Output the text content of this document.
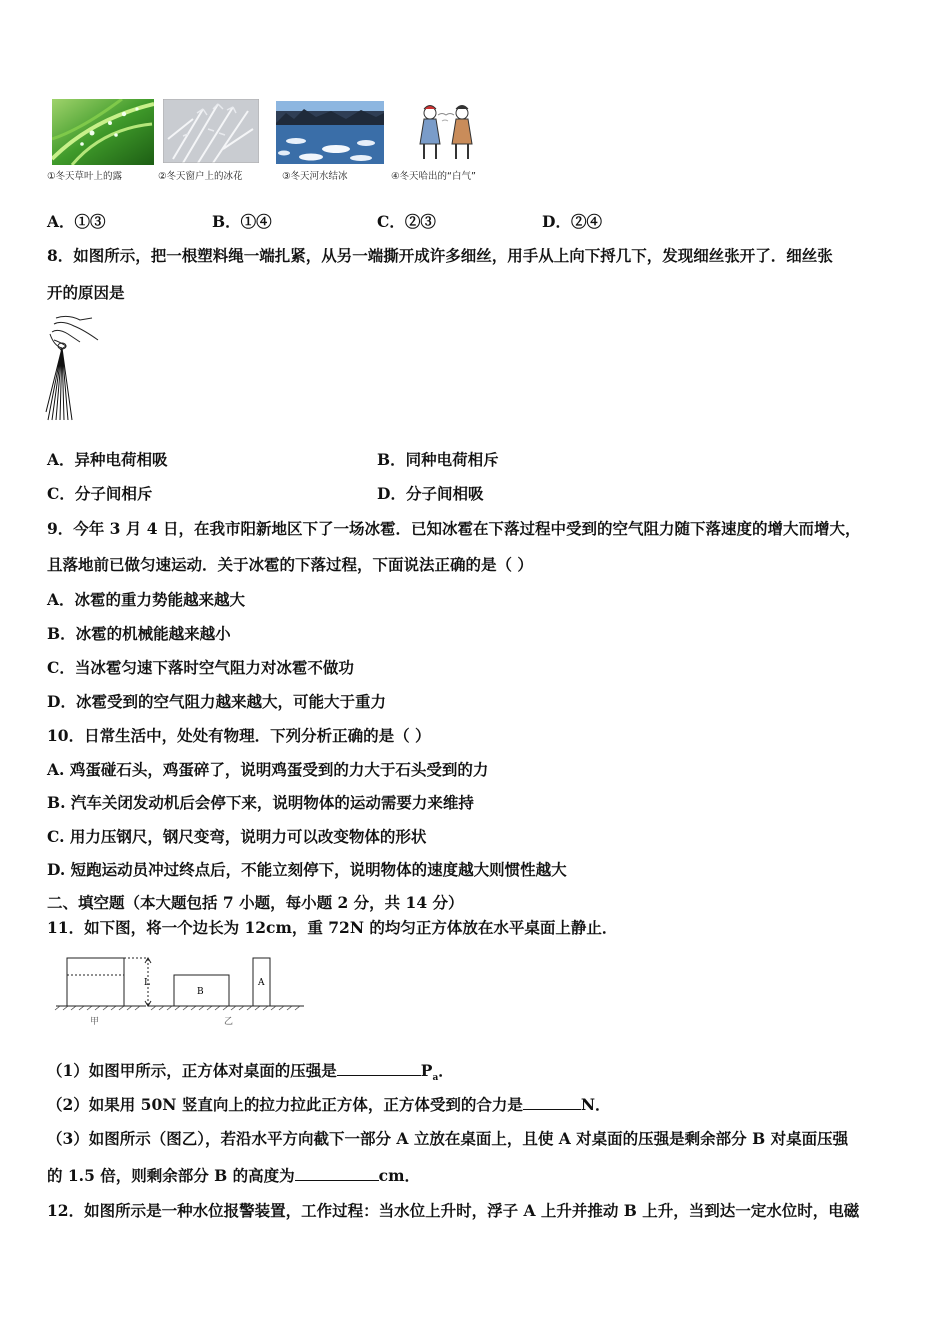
①冬天草叶上的露	②冬天窗户上的冰花	③冬天河水结冰	④冬天哈出的“白气”
A．①③	B．①④	C．②③	D．②④
8．如图所示，把一根塑料绳一端扎紧，从另一端撕开成许多细丝，用手从上向下捋几下，发现细丝张开了．细丝张
开的原因是
A．异种电荷相吸	B．同种电荷相斥
C．分子间相斥	D．分子间相吸
9．今年 3 月 4 日，在我市阳新地区下了一场冰雹．已知冰雹在下落过程中受到的空气阻力随下落速度的增大而增大，
且落地前已做匀速运动．关于冰雹的下落过程，下面说法正确的是（ ）
A．冰雹的重力势能越来越大
B．冰雹的机械能越来越小
C．当冰雹匀速下落时空气阻力对冰雹不做功
D．冰雹受到的空气阻力越来越大，可能大于重力
10．日常生活中，处处有物理．下列分析正确的是（ ）
A. 鸡蛋碰石头，鸡蛋碎了，说明鸡蛋受到的力大于石头受到的力
B. 汽车关闭发动机后会停下来，说明物体的运动需要力来维持
C. 用力压钢尺，钢尺变弯，说明力可以改变物体的形状
D. 短跑运动员冲过终点后，不能立刻停下，说明物体的速度越大则惯性越大
二、填空题（本大题包括 7 小题，每小题 2 分，共 14 分）
11．如下图，将一个边长为 12cm，重 72N 的均匀正方体放在水平桌面上静止．
L
甲
B
A
乙
（1）如图甲所示，正方体对桌面的压强是	$P_a$．
（2）如果用 50N 竖直向上的拉力拉此正方体，正方体受到的合力是	N．
（3）如图所示（图乙），若沿水平方向截下一部分 A 立放在桌面上，且使 A 对桌面的压强是剩余部分 B 对桌面压强
的 1.5 倍，则剩余部分 B 的高度为	cm．
12．如图所示是一种水位报警装置，工作过程：当水位上升时，浮子 A 上升并推动 B 上升，当到达一定水位时，电磁
